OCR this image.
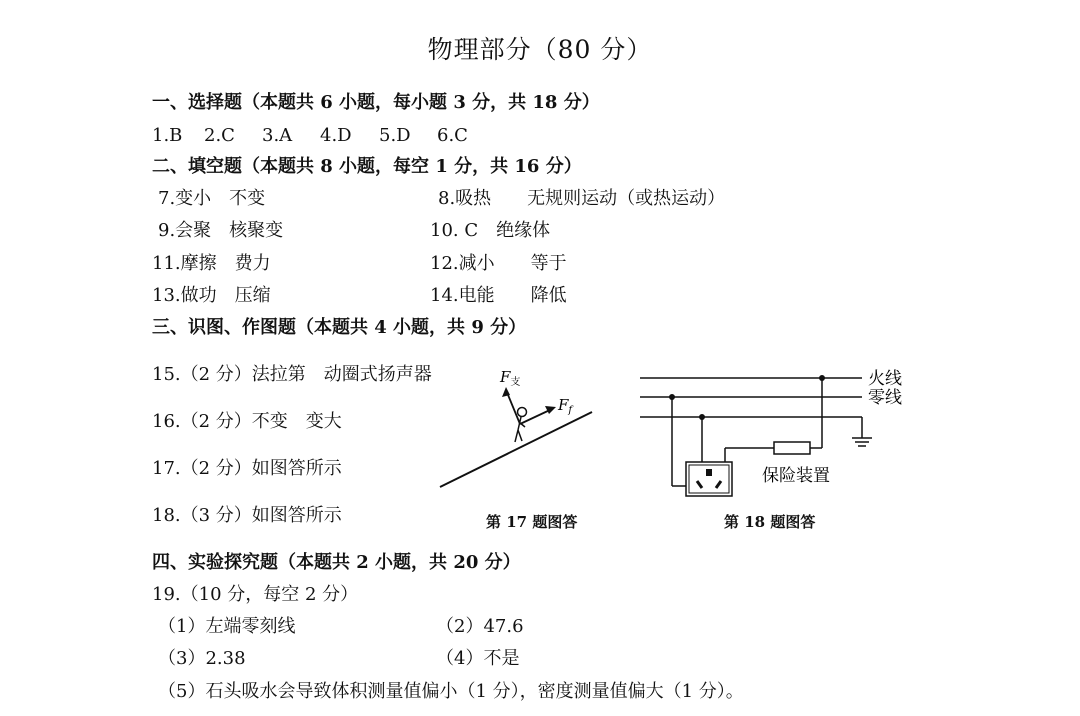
物理部分（80 分）
一、选择题（本题共 6 小题，每小题 3 分，共 18 分）
1.B 2.C 3.A 4.D 5.D 6.C
二、填空题（本题共 8 小题，每空 1 分，共 16 分）
7.变小　不变	8.吸热　　无规则运动（或热运动）
9.会聚　核聚变	10. C　绝缘体
11.摩擦　费力	12.减小　　等于
13.做功　压缩	14.电能　　降低
三、识图、作图题（本题共 4 小题，共 9 分）
15.（2 分）法拉第　动圈式扬声器
16.（2 分）不变　变大
17.（2 分）如图答所示
18.（3 分）如图答所示
$F_支$
$F_f$
第 17 题图答
火线
零线
保险装置
第 18 题图答
四、实验探究题（本题共 2 小题，共 20 分）
19.（10 分，每空 2 分）
（1）左端零刻线	（2）47.6
（3）2.38	（4）不是
（5）石头吸水会导致体积测量值偏小（1 分），密度测量值偏大（1 分）。
